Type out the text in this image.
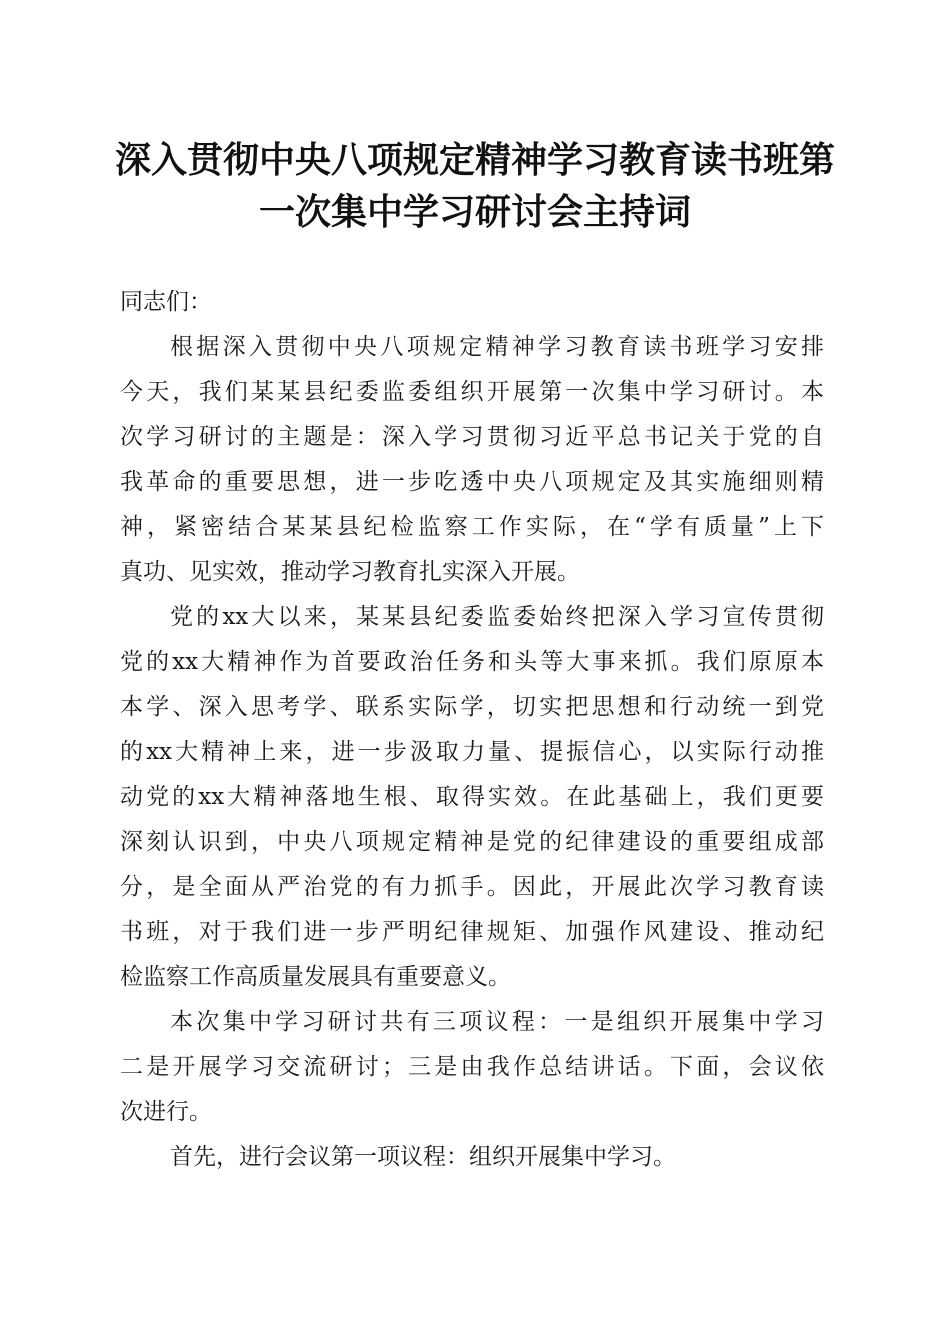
深入贯彻中央八项规定精神学习教育读书班第
一次集中学习研讨会主持词
同志们：
根据深入贯彻中央八项规定精神学习教育读书班学习安排
今天，我们某某县纪委监委组织开展第一次集中学习研讨。本
次学习研讨的主题是：深入学习贯彻习近平总书记关于党的自
我革命的重要思想，进一步吃透中央八项规定及其实施细则精
神，紧密结合某某县纪检监察工作实际，在“学有质量”上下
真功、见实效，推动学习教育扎实深入开展。
党的xx大以来，某某县纪委监委始终把深入学习宣传贯彻
党的xx大精神作为首要政治任务和头等大事来抓。我们原原本
本学、深入思考学、联系实际学，切实把思想和行动统一到党
的xx大精神上来，进一步汲取力量、提振信心，以实际行动推
动党的xx大精神落地生根、取得实效。在此基础上，我们更要
深刻认识到，中央八项规定精神是党的纪律建设的重要组成部
分，是全面从严治党的有力抓手。因此，开展此次学习教育读
书班，对于我们进一步严明纪律规矩、加强作风建设、推动纪
检监察工作高质量发展具有重要意义。
本次集中学习研讨共有三项议程：一是组织开展集中学习
二是开展学习交流研讨；三是由我作总结讲话。下面，会议依
次进行。
首先，进行会议第一项议程：组织开展集中学习。
